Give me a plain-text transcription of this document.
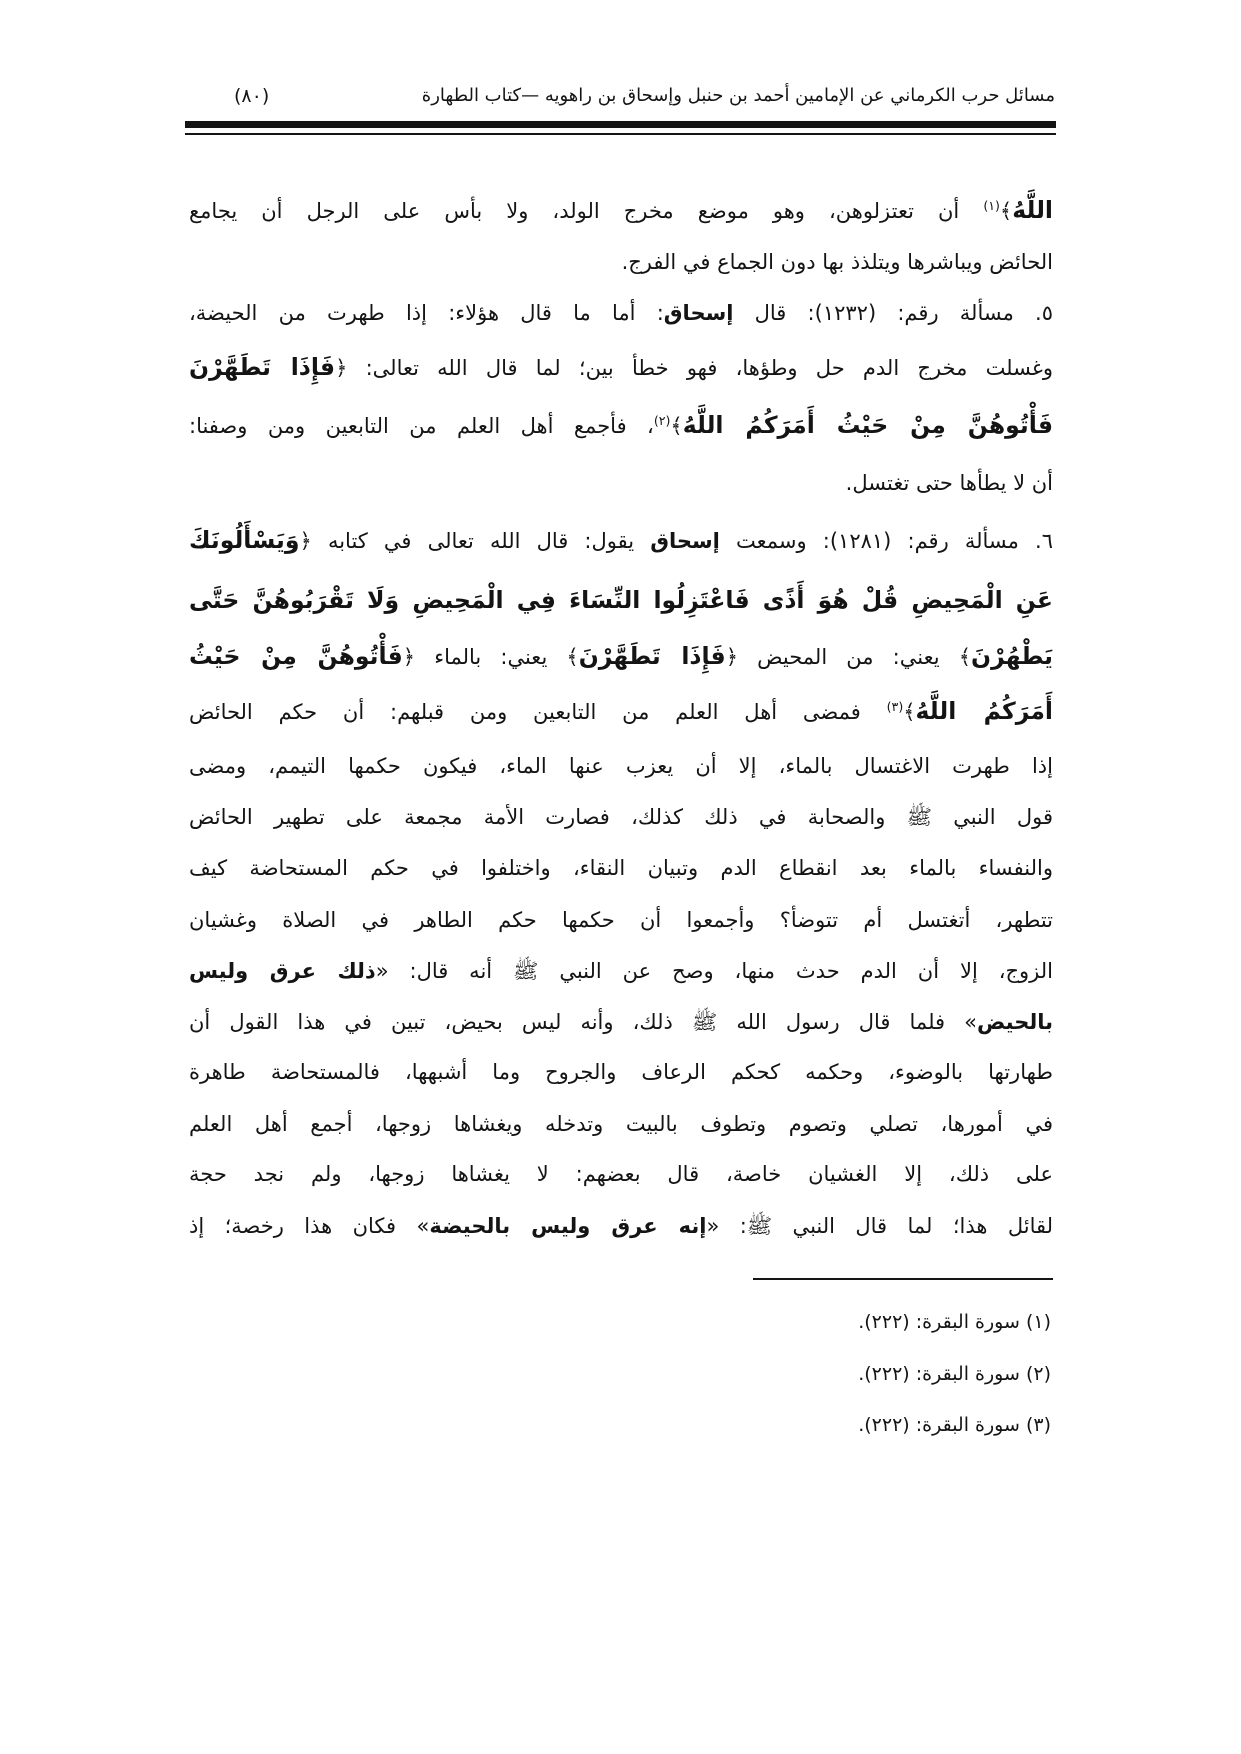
مسائل حرب الكرماني عن الإمامين أحمد بن حنبل وإسحاق بن راهويه —كتاب الطهارة
(٨٠)
اللَّهُ﴾$^{(١)}$ أن تعتزلوهن، وهو موضع مخرج الولد، ولا بأس على الرجل أن يجامع
الحائض ويباشرها ويتلذذ بها دون الجماع في الفرج.
٥. مسألة رقم: (١٢٣٢): قال إسحاق: أما ما قال هؤلاء: إذا طهرت من الحيضة،
وغسلت مخرج الدم حل وطؤها، فهو خطأ بين؛ لما قال الله تعالى: ﴿فَإِذَا تَطَهَّرْنَ
فَأْتُوهُنَّ مِنْ حَيْثُ أَمَرَكُمُ اللَّهُ﴾$^{(٢)}$، فأجمع أهل العلم من التابعين ومن وصفنا:
أن لا يطأها حتى تغتسل.
٦. مسألة رقم: (١٢٨١): وسمعت إسحاق يقول: قال الله تعالى في كتابه ﴿وَيَسْأَلُونَكَ
عَنِ الْمَحِيضِ قُلْ هُوَ أَذًى فَاعْتَزِلُوا النِّسَاءَ فِي الْمَحِيضِ وَلَا تَقْرَبُوهُنَّ حَتَّى
يَطْهُرْنَ﴾ يعني: من المحيض ﴿فَإِذَا تَطَهَّرْنَ﴾ يعني: بالماء ﴿فَأْتُوهُنَّ مِنْ حَيْثُ
أَمَرَكُمُ اللَّهُ﴾$^{(٣)}$ فمضى أهل العلم من التابعين ومن قبلهم: أن حكم الحائض
إذا طهرت الاغتسال بالماء، إلا أن يعزب عنها الماء، فيكون حكمها التيمم، ومضى
قول النبي ﷺ والصحابة في ذلك كذلك، فصارت الأمة مجمعة على تطهير الحائض
والنفساء بالماء بعد انقطاع الدم وتبيان النقاء، واختلفوا في حكم المستحاضة كيف
تتطهر، أتغتسل أم تتوضأ؟ وأجمعوا أن حكمها حكم الطاهر في الصلاة وغشيان
الزوج، إلا أن الدم حدث منها، وصح عن النبي ﷺ أنه قال: «ذلك عرق وليس
بالحيض» فلما قال رسول الله ﷺ ذلك، وأنه ليس بحيض، تبين في هذا القول أن
طهارتها بالوضوء، وحكمه كحكم الرعاف والجروح وما أشبهها، فالمستحاضة طاهرة
في أمورها، تصلي وتصوم وتطوف بالبيت وتدخله ويغشاها زوجها، أجمع أهل العلم
على ذلك، إلا الغشيان خاصة، قال بعضهم: لا يغشاها زوجها، ولم نجد حجة
لقائل هذا؛ لما قال النبي ﷺ: «إنه عرق وليس بالحيضة» فكان هذا رخصة؛ إذ
(١) سورة البقرة: (٢٢٢).
(٢) سورة البقرة: (٢٢٢).
(٣) سورة البقرة: (٢٢٢).
